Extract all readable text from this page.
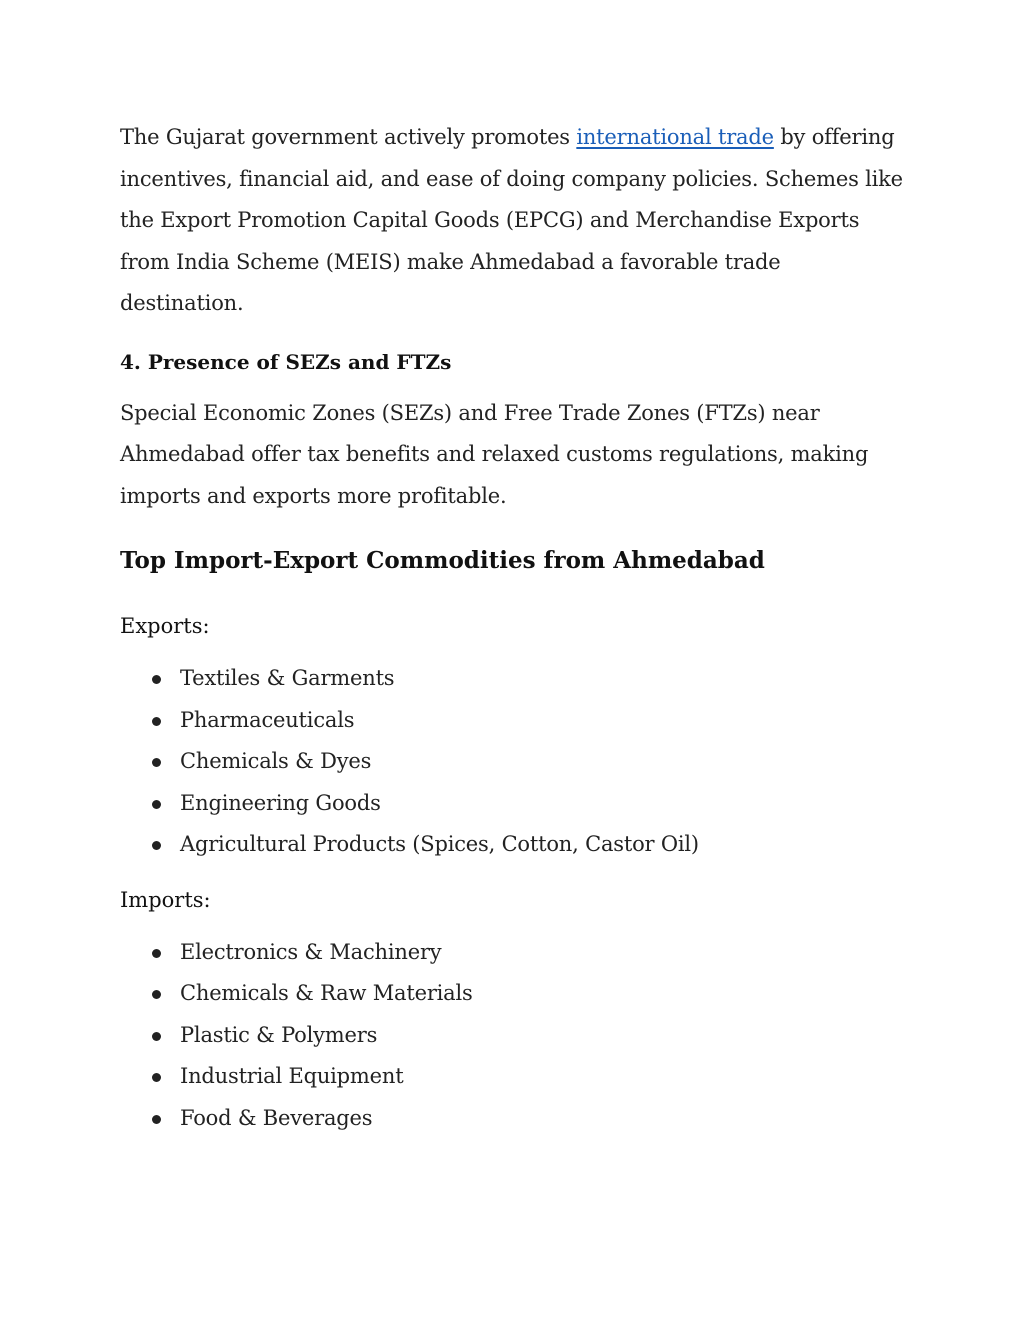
The Gujarat government actively promotes international trade by offering incentives, financial aid, and ease of doing company policies. Schemes like the Export Promotion Capital Goods (EPCG) and Merchandise Exports from India Scheme (MEIS) make Ahmedabad a favorable trade destination.

4. Presence of SEZs and FTZs

Special Economic Zones (SEZs) and Free Trade Zones (FTZs) near Ahmedabad offer tax benefits and relaxed customs regulations, making imports and exports more profitable.

Top Import-Export Commodities from Ahmedabad

Exports:

Textiles & Garments
Pharmaceuticals
Chemicals & Dyes
Engineering Goods
Agricultural Products (Spices, Cotton, Castor Oil)

Imports:

Electronics & Machinery
Chemicals & Raw Materials
Plastic & Polymers
Industrial Equipment
Food & Beverages
